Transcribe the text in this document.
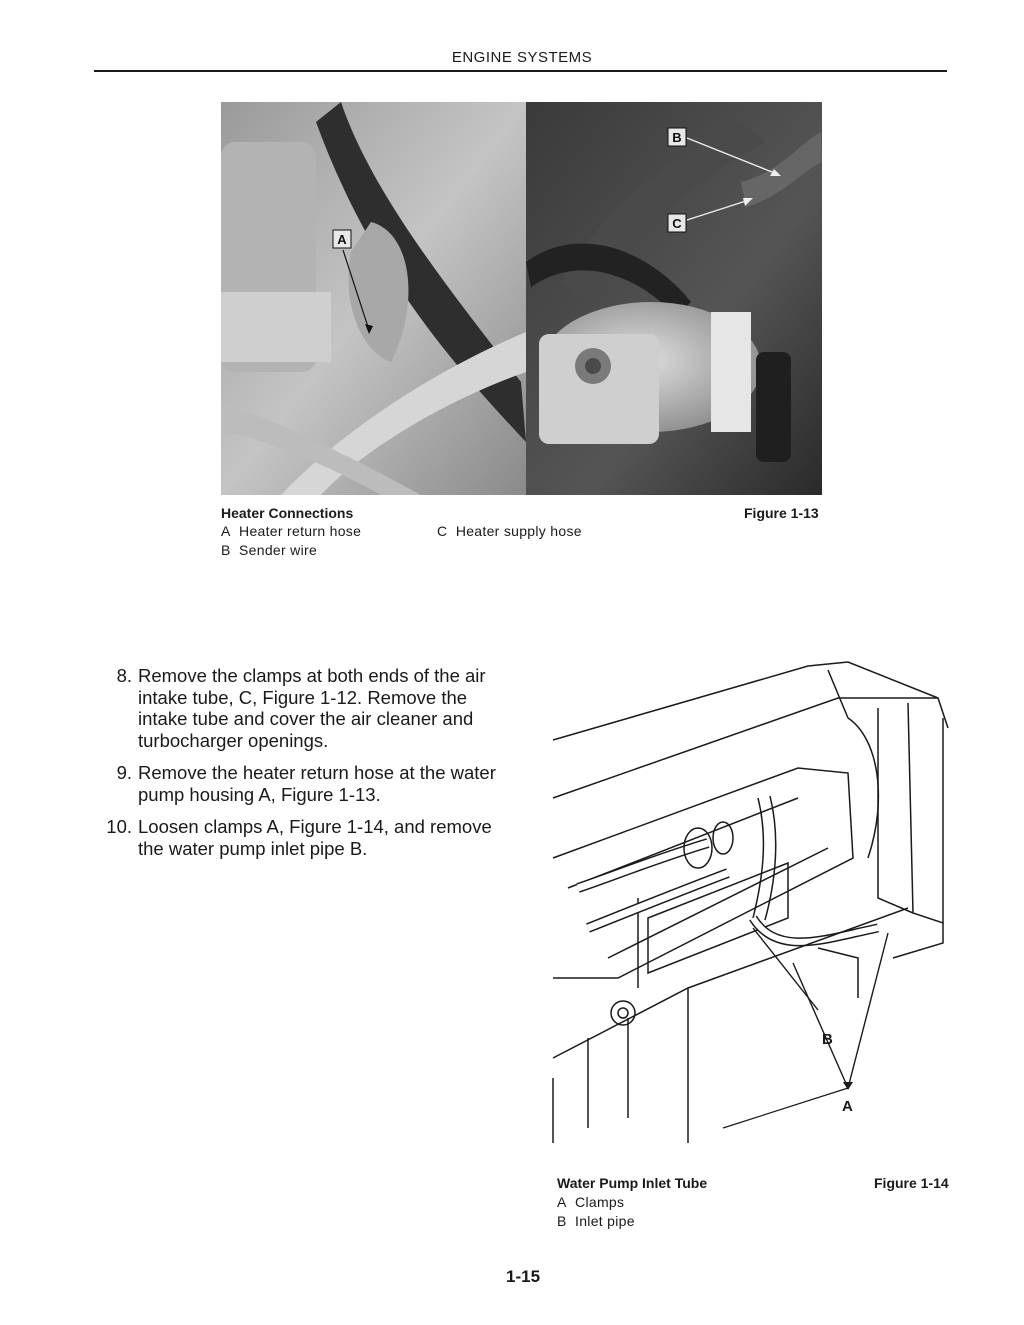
ENGINE SYSTEMS
A
B
C
Heater Connections	Figure 1-13
A Heater return hose
B Sender wire
C Heater supply hose
8. Remove the clamps at both ends of the air intake tube, C, Figure 1-12. Remove the intake tube and cover the air cleaner and turbocharger openings.
9. Remove the heater return hose at the water pump housing A, Figure 1-13.
10. Loosen clamps A, Figure 1-14, and remove the water pump inlet pipe B.
B
A
Water Pump Inlet Tube	Figure 1-14
A Clamps
B Inlet pipe
1-15
